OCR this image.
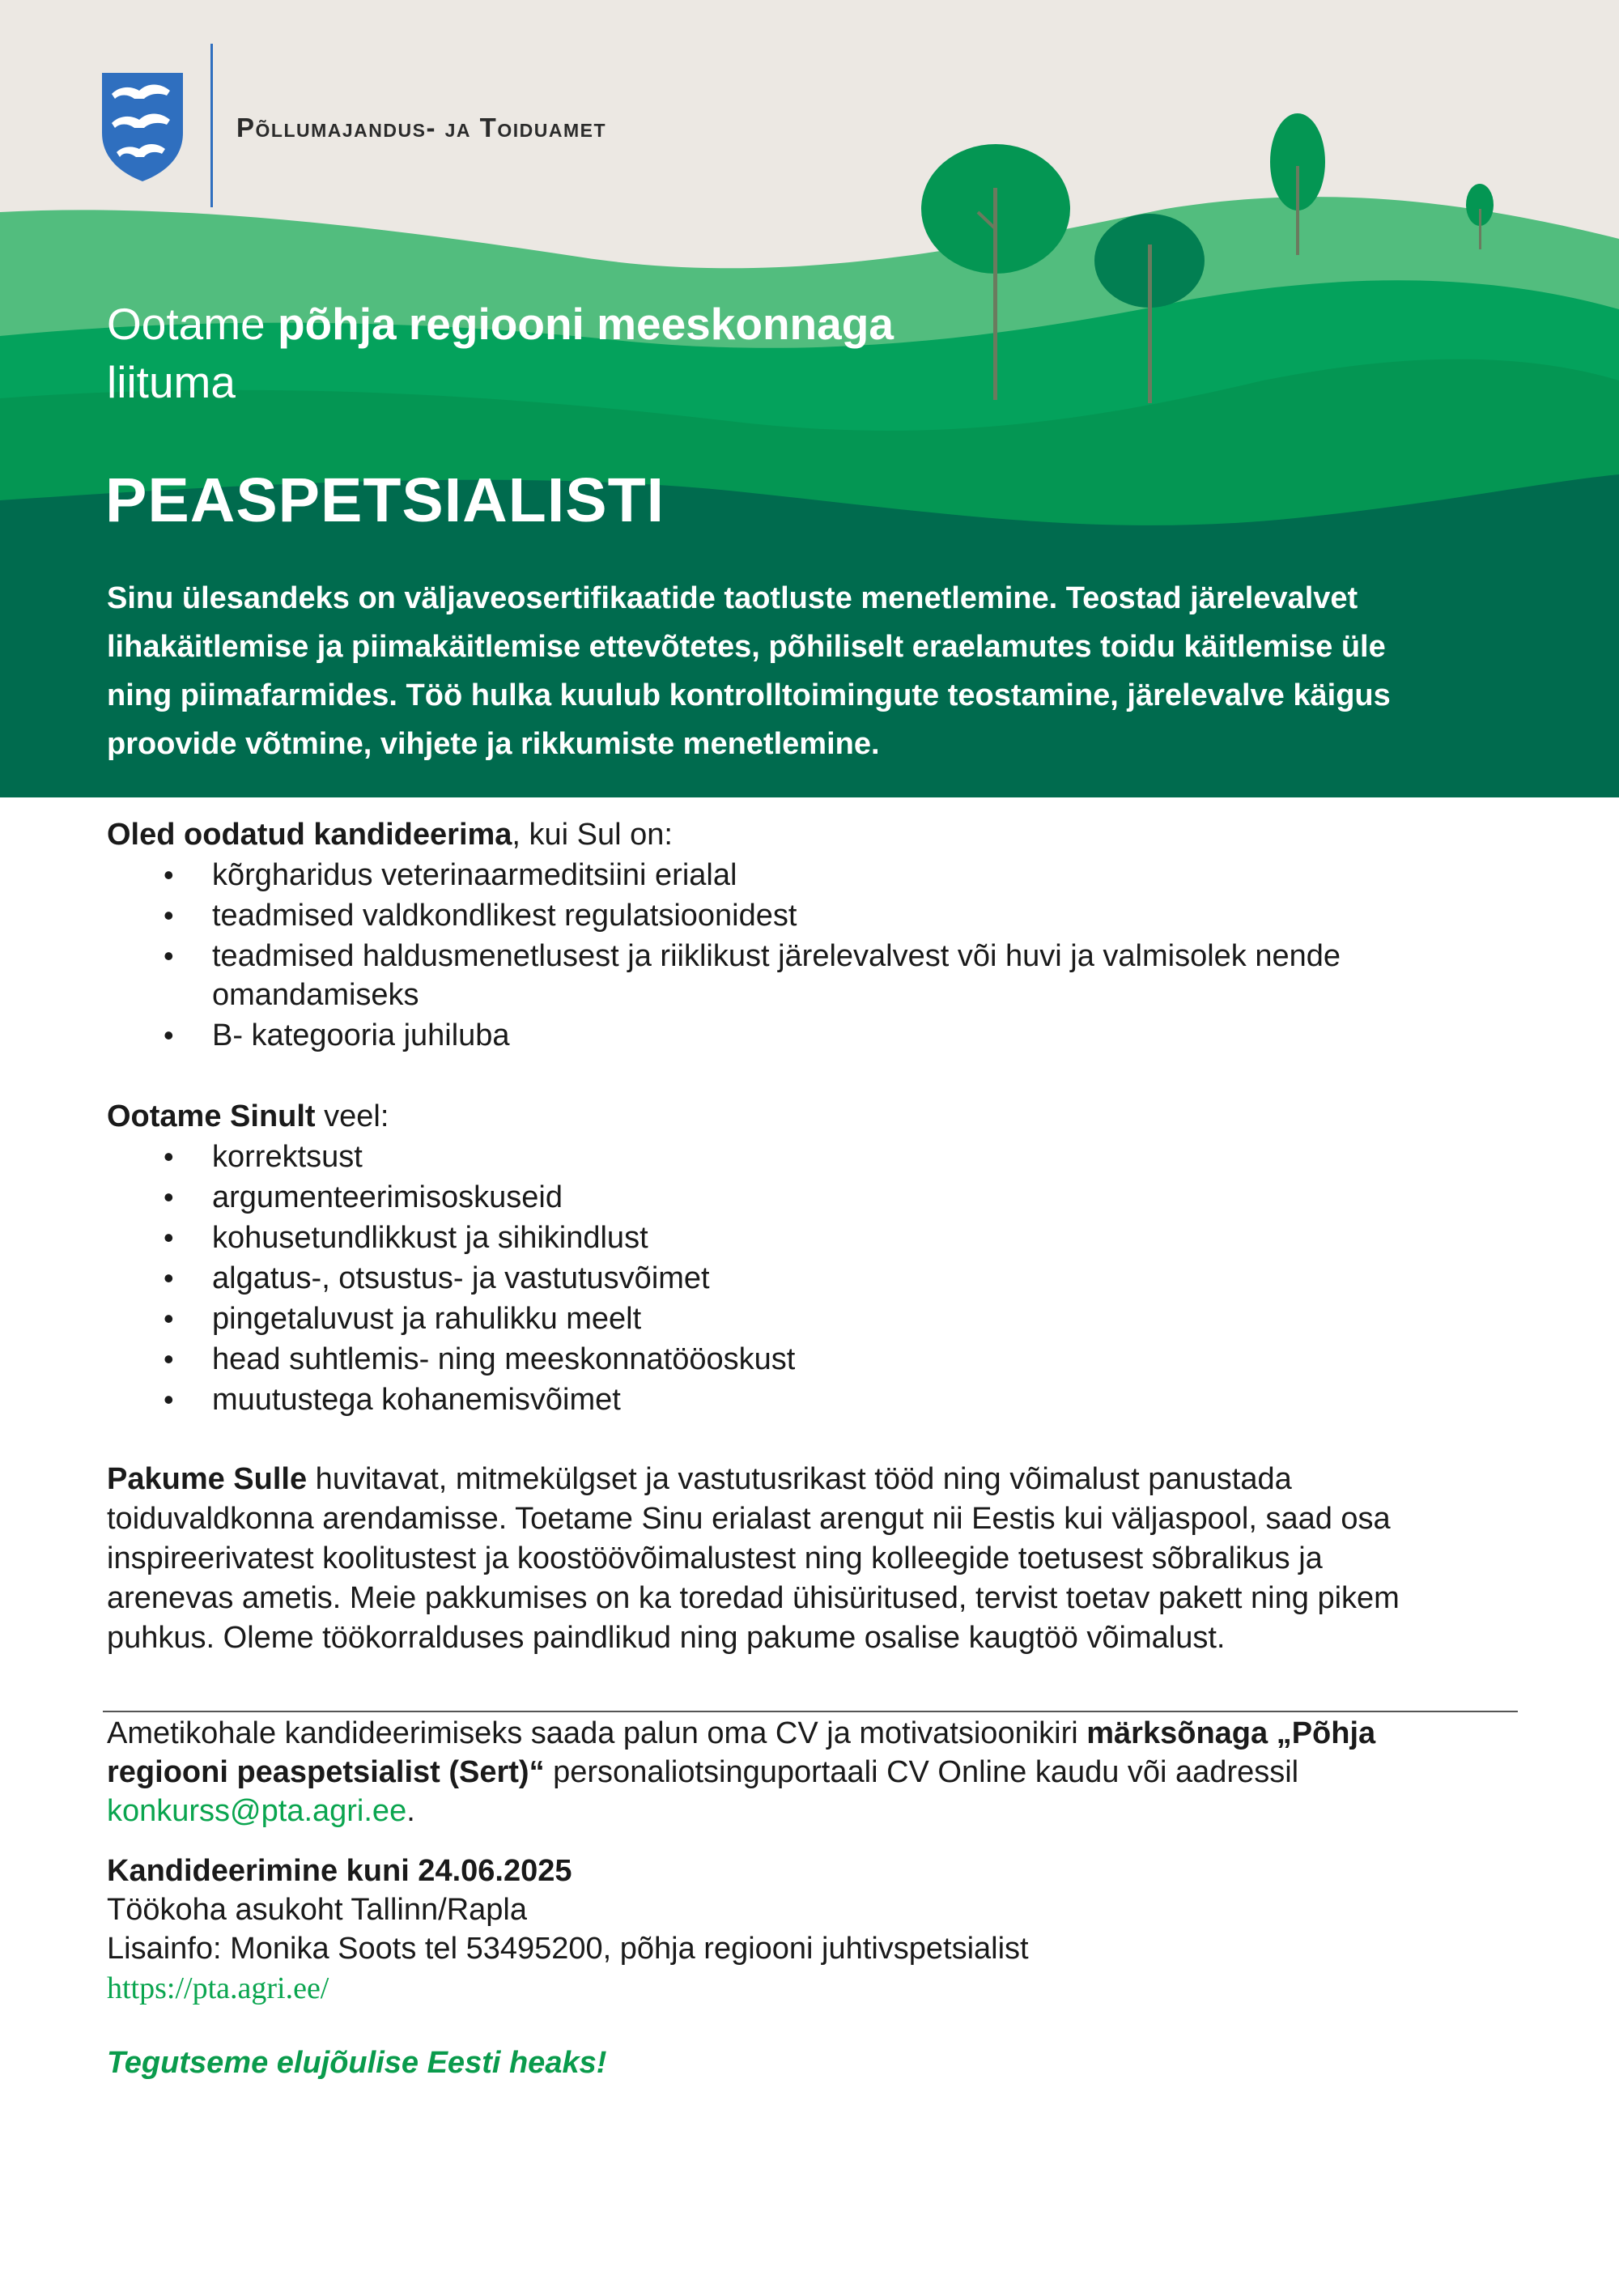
Põllumajandus- ja Toiduamet
Ootame põhja regiooni meeskonnaga
liituma
PEASPETSIALISTI
Sinu ülesandeks on väljaveosertifikaatide taotluste menetlemine. Teostad järelevalvet
lihakäitlemise ja piimakäitlemise ettevõtetes, põhiliselt eraelamutes toidu käitlemise üle
ning piimafarmides. Töö hulka kuulub kontrolltoimingute teostamine, järelevalve käigus
proovide võtmine, vihjete ja rikkumiste menetlemine.
Oled oodatud kandideerima, kui Sul on:
• kõrgharidus veterinaarmeditsiini erialal
• teadmised valdkondlikest regulatsioonidest
• teadmised haldusmenetlusest ja riiklikust järelevalvest või huvi ja valmisolek nende
omandamiseks
• B- kategooria juhiluba
Ootame Sinult veel:
• korrektsust
• argumenteerimisoskuseid
• kohusetundlikkust ja sihikindlust
• algatus-, otsustus- ja vastutusvõimet
• pingetaluvust ja rahulikku meelt
• head suhtlemis- ning meeskonnatööoskust
• muutustega kohanemisvõimet
Pakume Sulle huvitavat, mitmekülgset ja vastutusrikast tööd ning võimalust panustada
toiduvaldkonna arendamisse. Toetame Sinu erialast arengut nii Eestis kui väljaspool, saad osa
inspireerivatest koolitustest ja koostöövõimalustest ning kolleegide toetusest sõbralikus ja
arenevas ametis. Meie pakkumises on ka toredad ühisüritused, tervist toetav pakett ning pikem
puhkus. Oleme töökorralduses paindlikud ning pakume osalise kaugtöö võimalust.
Ametikohale kandideerimiseks saada palun oma CV ja motivatsioonikiri märksõnaga „Põhja
regiooni peaspetsialist (Sert)“ personaliotsinguportaali CV Online kaudu või aadressil
konkurss@pta.agri.ee.
Kandideerimine kuni 24.06.2025
Töökoha asukoht Tallinn/Rapla
Lisainfo: Monika Soots tel 53495200, põhja regiooni juhtivspetsialist
https://pta.agri.ee/
Tegutseme elujõulise Eesti heaks!
